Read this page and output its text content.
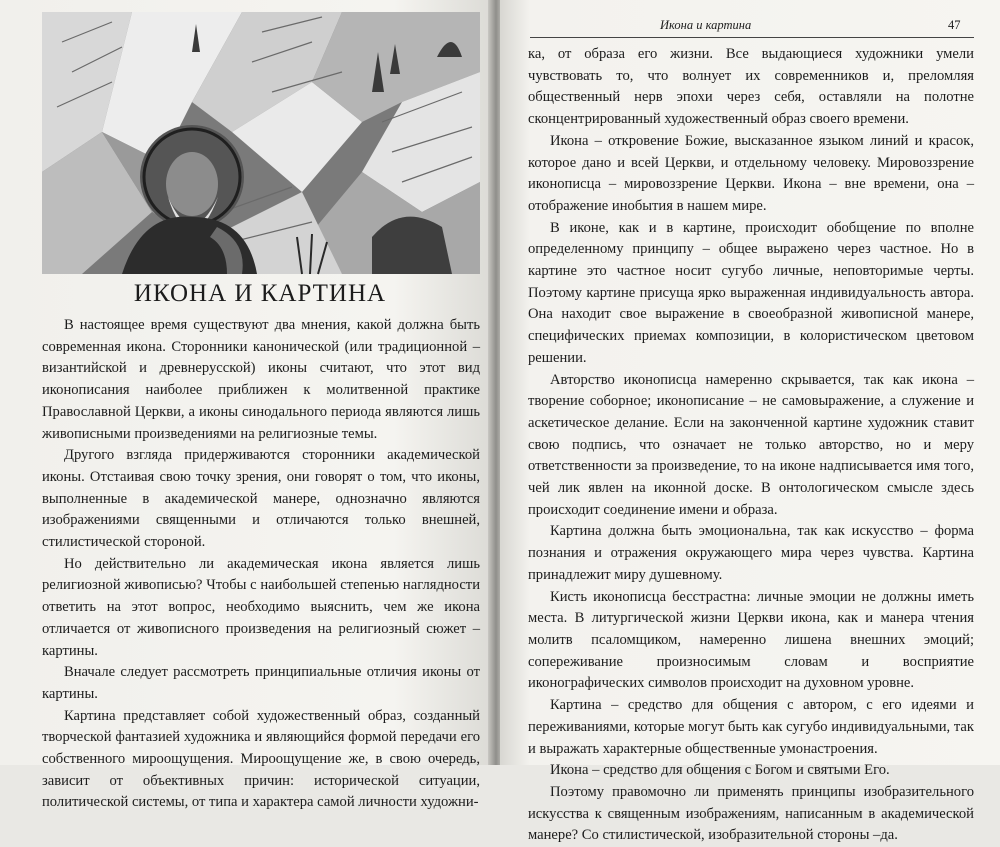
ИКОНА И КАРТИНА

В настоящее время существуют два мнения, какой должна быть современная икона. Сторонники канонической (или традиционной – византийской и древнерусской) иконы считают, что этот вид иконописания наиболее приближен к молитвенной практике Православной Церкви, а иконы синодального периода являются лишь живописными произведениями на религиозные темы.

Другого взгляда придерживаются сторонники академической иконы. Отстаивая свою точку зрения, они говорят о том, что иконы, выполненные в академической манере, однозначно являются изображениями священными и отличаются только внешней, стилистической стороной.

Но действительно ли академическая икона является лишь религиозной живописью? Чтобы с наибольшей степенью наглядности ответить на этот вопрос, необходимо выяснить, чем же икона отличается от живописного произведения на религиозный сюжет – картины.

Вначале следует рассмотреть принципиальные отличия иконы от картины.

Картина представляет собой художественный образ, созданный творческой фантазией художника и являющийся формой передачи его собственного мироощущения. Мироощущение же, в свою очередь, зависит от объективных причин: исторической ситуации, политической системы, от типа и характера самой личности художни-

Икона и картина	47

ка, от образа его жизни. Все выдающиеся художники умели чувствовать то, что волнует их современников и, преломляя общественный нерв эпохи через себя, оставляли на полотне сконцентрированный художественный образ своего времени.

Икона – откровение Божие, высказанное языком линий и красок, которое дано и всей Церкви, и отдельному человеку. Мировоззрение иконописца – мировоззрение Церкви. Икона – вне времени, она – отображение инобытия в нашем мире.

В иконе, как и в картине, происходит обобщение по вполне определенному принципу – общее выражено через частное. Но в картине это частное носит сугубо личные, неповторимые черты. Поэтому картине присуща ярко выраженная индивидуальность автора. Она находит свое выражение в своеобразной живописной манере, специфических приемах композиции, в колористическом цветовом решении.

Авторство иконописца намеренно скрывается, так как икона – творение соборное; иконописание – не самовыражение, а служение и аскетическое делание. Если на законченной картине художник ставит свою подпись, что означает не только авторство, но и меру ответственности за произведение, то на иконе надписывается имя того, чей лик явлен на иконной доске. В онтологическом смысле здесь происходит соединение имени и образа.

Картина должна быть эмоциональна, так как искусство – форма познания и отражения окружающего мира через чувства. Картина принадлежит миру душевному.

Кисть иконописца бесстрастна: личные эмоции не должны иметь места. В литургической жизни Церкви икона, как и манера чтения молитв псаломщиком, намеренно лишена внешних эмоций; сопереживание произносимым словам и восприятие иконографических символов происходит на духовном уровне.

Картина – средство для общения с автором, с его идеями и переживаниями, которые могут быть как сугубо индивидуальными, так и выражать характерные общественные умонастроения.

Икона – средство для общения с Богом и святыми Его.

Поэтому правомочно ли применять принципы изобразительного искусства к священным изображениям, написанным в академической манере? Со стилистической, изобразительной стороны –да.
